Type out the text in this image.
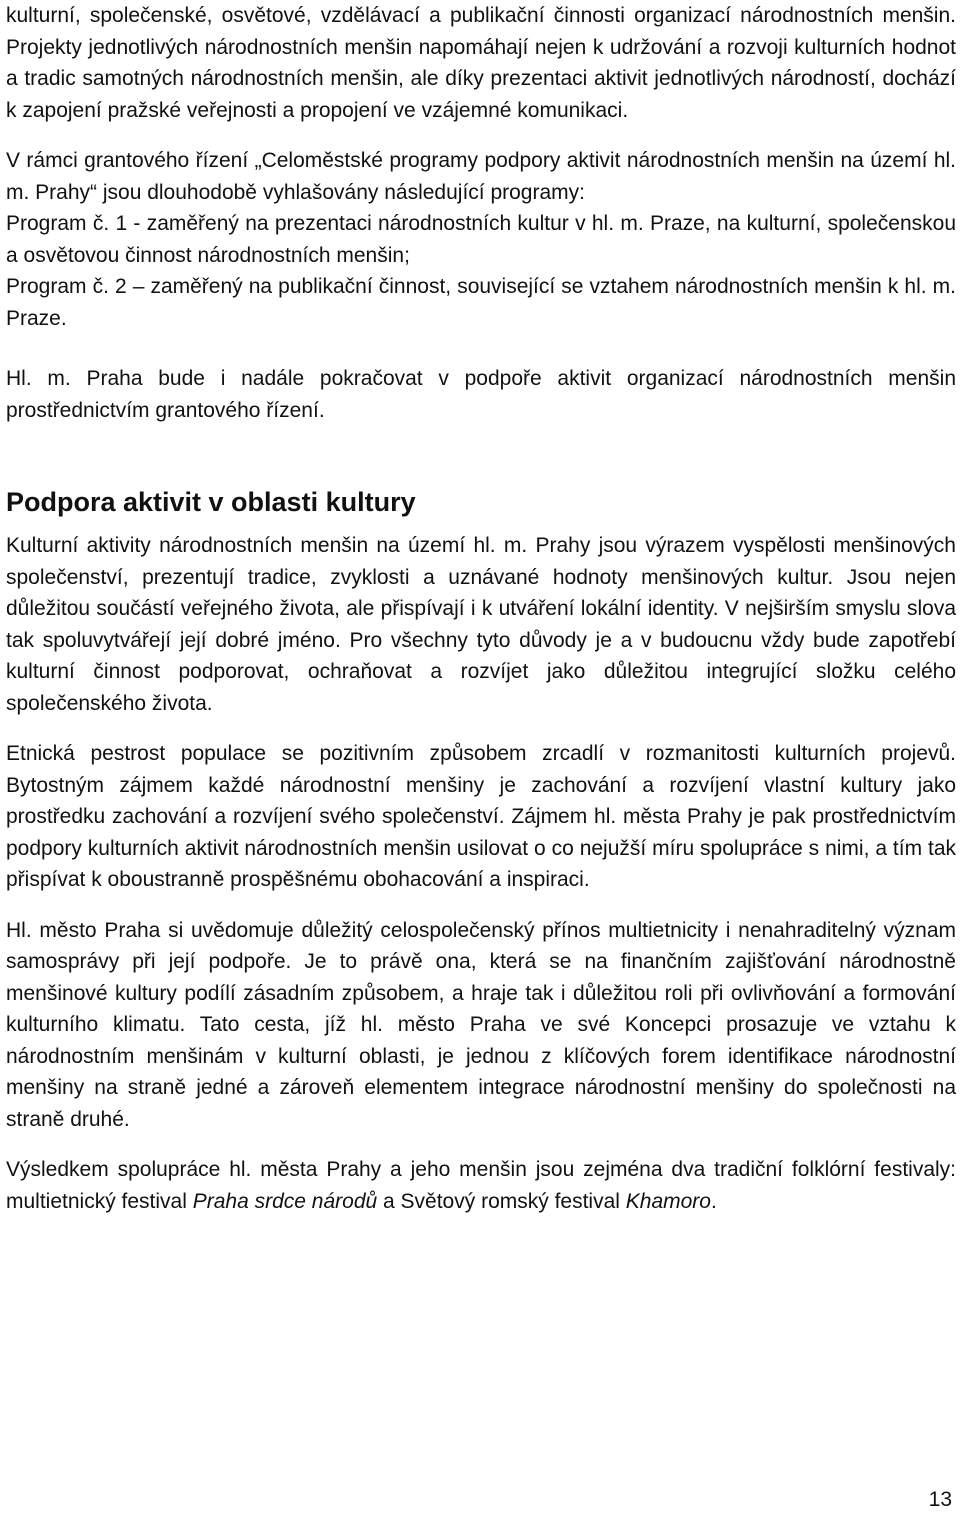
kulturní, společenské, osvětové, vzdělávací a publikační činnosti organizací národnostních menšin. Projekty jednotlivých národnostních menšin napomáhají nejen k udržování a rozvoji kulturních hodnot a tradic samotných národnostních menšin, ale díky prezentaci aktivit jednotlivých národností, dochází k zapojení pražské veřejnosti a propojení ve vzájemné komunikaci.

V rámci grantového řízení „Celoměstské programy podpory aktivit národnostních menšin na území hl. m. Prahy“ jsou dlouhodobě vyhlašovány následující programy:

Program č. 1 - zaměřený na prezentaci národnostních kultur v hl. m. Praze, na kulturní, společenskou a osvětovou činnost národnostních menšin;

Program č. 2 – zaměřený na publikační činnost, související se vztahem národnostních menšin k hl. m. Praze.

Hl. m. Praha bude i nadále pokračovat v podpoře aktivit organizací národnostních menšin prostřednictvím grantového řízení.

Podpora aktivit v oblasti kultury

Kulturní aktivity národnostních menšin na území hl. m. Prahy jsou výrazem vyspělosti menšinových společenství, prezentují tradice, zvyklosti a uznávané hodnoty menšinových kultur. Jsou nejen důležitou součástí veřejného života, ale přispívají i k utváření lokální identity. V nejširším smyslu slova tak spoluvytvářejí její dobré jméno. Pro všechny tyto důvody je a v budoucnu vždy bude zapotřebí kulturní činnost podporovat, ochraňovat a rozvíjet jako důležitou integrující složku celého společenského života.

Etnická pestrost populace se pozitivním způsobem zrcadlí v rozmanitosti kulturních projevů. Bytostným zájmem každé národnostní menšiny je zachování a rozvíjení vlastní kultury jako prostředku zachování a rozvíjení svého společenství. Zájmem hl. města Prahy je pak prostřednictvím podpory kulturních aktivit národnostních menšin usilovat o co nejužší míru spolupráce s nimi, a tím tak přispívat k oboustranně prospěšnému obohacování a inspiraci.

Hl. město Praha si uvědomuje důležitý celospolečenský přínos multietnicity i nenahraditelný význam samosprávy při její podpoře. Je to právě ona, která se na finančním zajišťování národnostně menšinové kultury podílí zásadním způsobem, a hraje tak i důležitou roli při ovlivňování a formování kulturního klimatu. Tato cesta, jíž hl. město Praha ve své Koncepci prosazuje ve vztahu k národnostním menšinám v kulturní oblasti, je jednou z klíčových forem identifikace národnostní menšiny na straně jedné a zároveň elementem integrace národnostní menšiny do společnosti na straně druhé.

Výsledkem spolupráce hl. města Prahy a jeho menšin jsou zejména dva tradiční folklórní festivaly: multietnický festival Praha srdce národů a Světový romský festival Khamoro.

13
